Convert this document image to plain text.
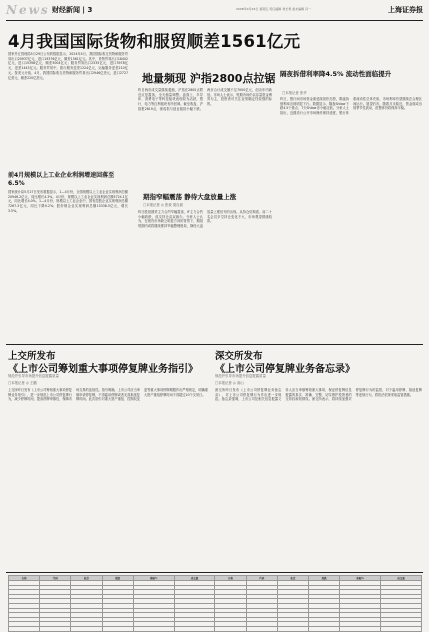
News 财经新闻 | 3	2008年9月26日 星期五 责任编辑 刘长青 美术编辑 冯一	上海证券报
4月我国国际货物和服贸顺差1561亿元
国家外汇管理局5月29日公布的数据显示，2024年4月，我国国际收支货物和服务贸易出口20937亿元，进口19376亿元，顺差1561亿元。其中，货物贸易出口18402亿元，进口15398亿元，顺差3004亿元；服务贸易出口2535亿元，进口3978亿元，逆差1443亿元。服务贸易中，旅行服务逆差1224亿元，运输服务逆差210亿元。按美元计值，4月，我国国际收支货物和服务贸易出口2946亿美元，进口2727亿美元，顺差220亿美元。
前4月规模以上工业企业利润增速回落至6.5%
国家统计局5月27日发布数据显示，1—4月份，全国规模以上工业企业实现利润总额20946.2亿元，同比增长4.3%。4月份，规模以上工业企业实现利润总额5724.1亿元，同比增长4.0%。1—4月份，规模以上工业企业中，国有控股企业实现利润总额7267.3亿元，同比下降0.2%；股份制企业实现利润总额15338.5亿元，增长3.5%。
地量频现 沪指2800点拉锯
昨日两市成交量继续萎缩，沪指在2800点附近反复震荡，全天缩量调整。盘面上，半导体、消费电子等科技板块表现较为活跃，银行、电力等红利板块有所回调。截至收盘，沪指报2819点，深成指与创业板指小幅下跌。两市合计成交额不足7000亿元，创出年内新低。市场人士表示，短期市场仍以存量资金博弈为主，投资者可关注业绩确定性较强的标的。
期指窄幅震荡 静待大盘放量上涨
□本报记者 ◎ 张欢 梁自斌
昨日股指期货主力合约窄幅震荡，IF主力合约小幅收跌，成交持仓双双减少。分析人士认为，在现货市场缺乏明显方向的背景下，期指短期内或将继续维持窄幅整理格局，静待大盘放量上涨信号的出现。从持仓结构看，前二十名会员多空持仓变化不大，市场观望情绪较浓。
隔夜拆借利率降4.5% 流动性面临提升
□本报记者 张华
昨日，银行间市场资金面延续宽松态势，隔夜拆借利率出现明显下行。数据显示，隔夜Shibor下跌4.5个基点，7天Shibor亦小幅走低。分析人士指出，近期央行公开市场操作保持适度，银行体系流动性总体充裕，市场利率有望继续在合理区间运行。展望后市，随着月末临近，资金面或出现季节性波动，但整体仍将保持平稳。
上交所发布
《上市公司筹划重大事项停复牌业务指引》
规范并引导市场提升信息披露质量
□本报记者 ◎ 王璐
上交所昨日发布《上市公司筹划重大事项停复牌业务指引》，进一步规范上市公司停复牌行为，减少停牌时间，提高停牌审慎性，保障市场交易的连续性。指引明确，上市公司应当审慎申请停复牌，不得滥用停牌或者无故拖延复牌时间。此次指引对重大资产重组、控制权变更等重大事项停牌期限作出严格规定，明确重大资产重组停牌时间不得超过10个交易日。
深交所发布
《上市公司停复牌业务备忘录》
规范并引导市场提升信息披露质量
□本报记者 ◎ 高山
深交所昨日发布《上市公司停复牌业务备忘录》，对上市公司停复牌行为作出进一步规范。备忘录强调，上市公司及相关信息披露义务人应当审慎筹划重大事项，保证停复牌信息披露的真实、准确、完整，切实维护投资者的交易权和知情权。深交所表示，将持续加强对停复牌行为的监管，对于滥用停牌、拖延复牌等违规行为，将依法依规采取监管措施。
名称	代码	收盘	涨跌	涨幅%	成交量	名称	代码	收盘	涨跌	涨幅%	成交量
